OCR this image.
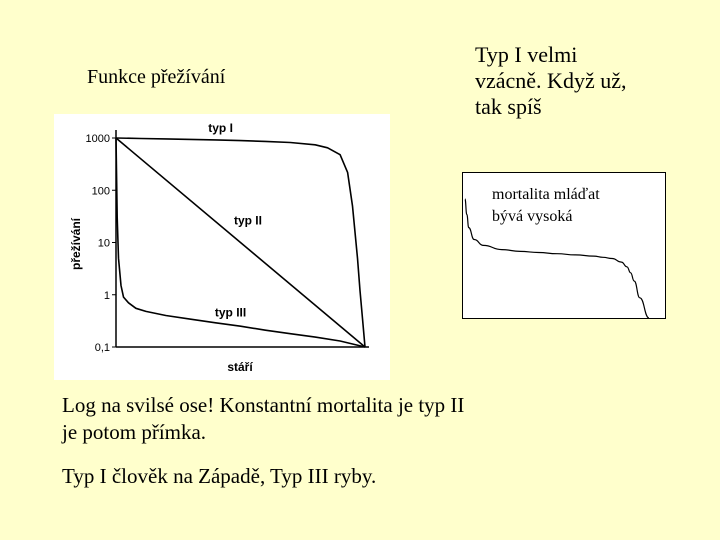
Funkce přežívání
Typ I velmi
vzácně. Když už,
tak spíš
1000
100
10
1
0,1
typ I
typ II
typ III
stáří
přežívání
mortalita mláďat
bývá vysoká
Log na svilsé ose! Konstantní mortalita je typ II
je potom přímka.
Typ I člověk na Západě, Typ III ryby.
